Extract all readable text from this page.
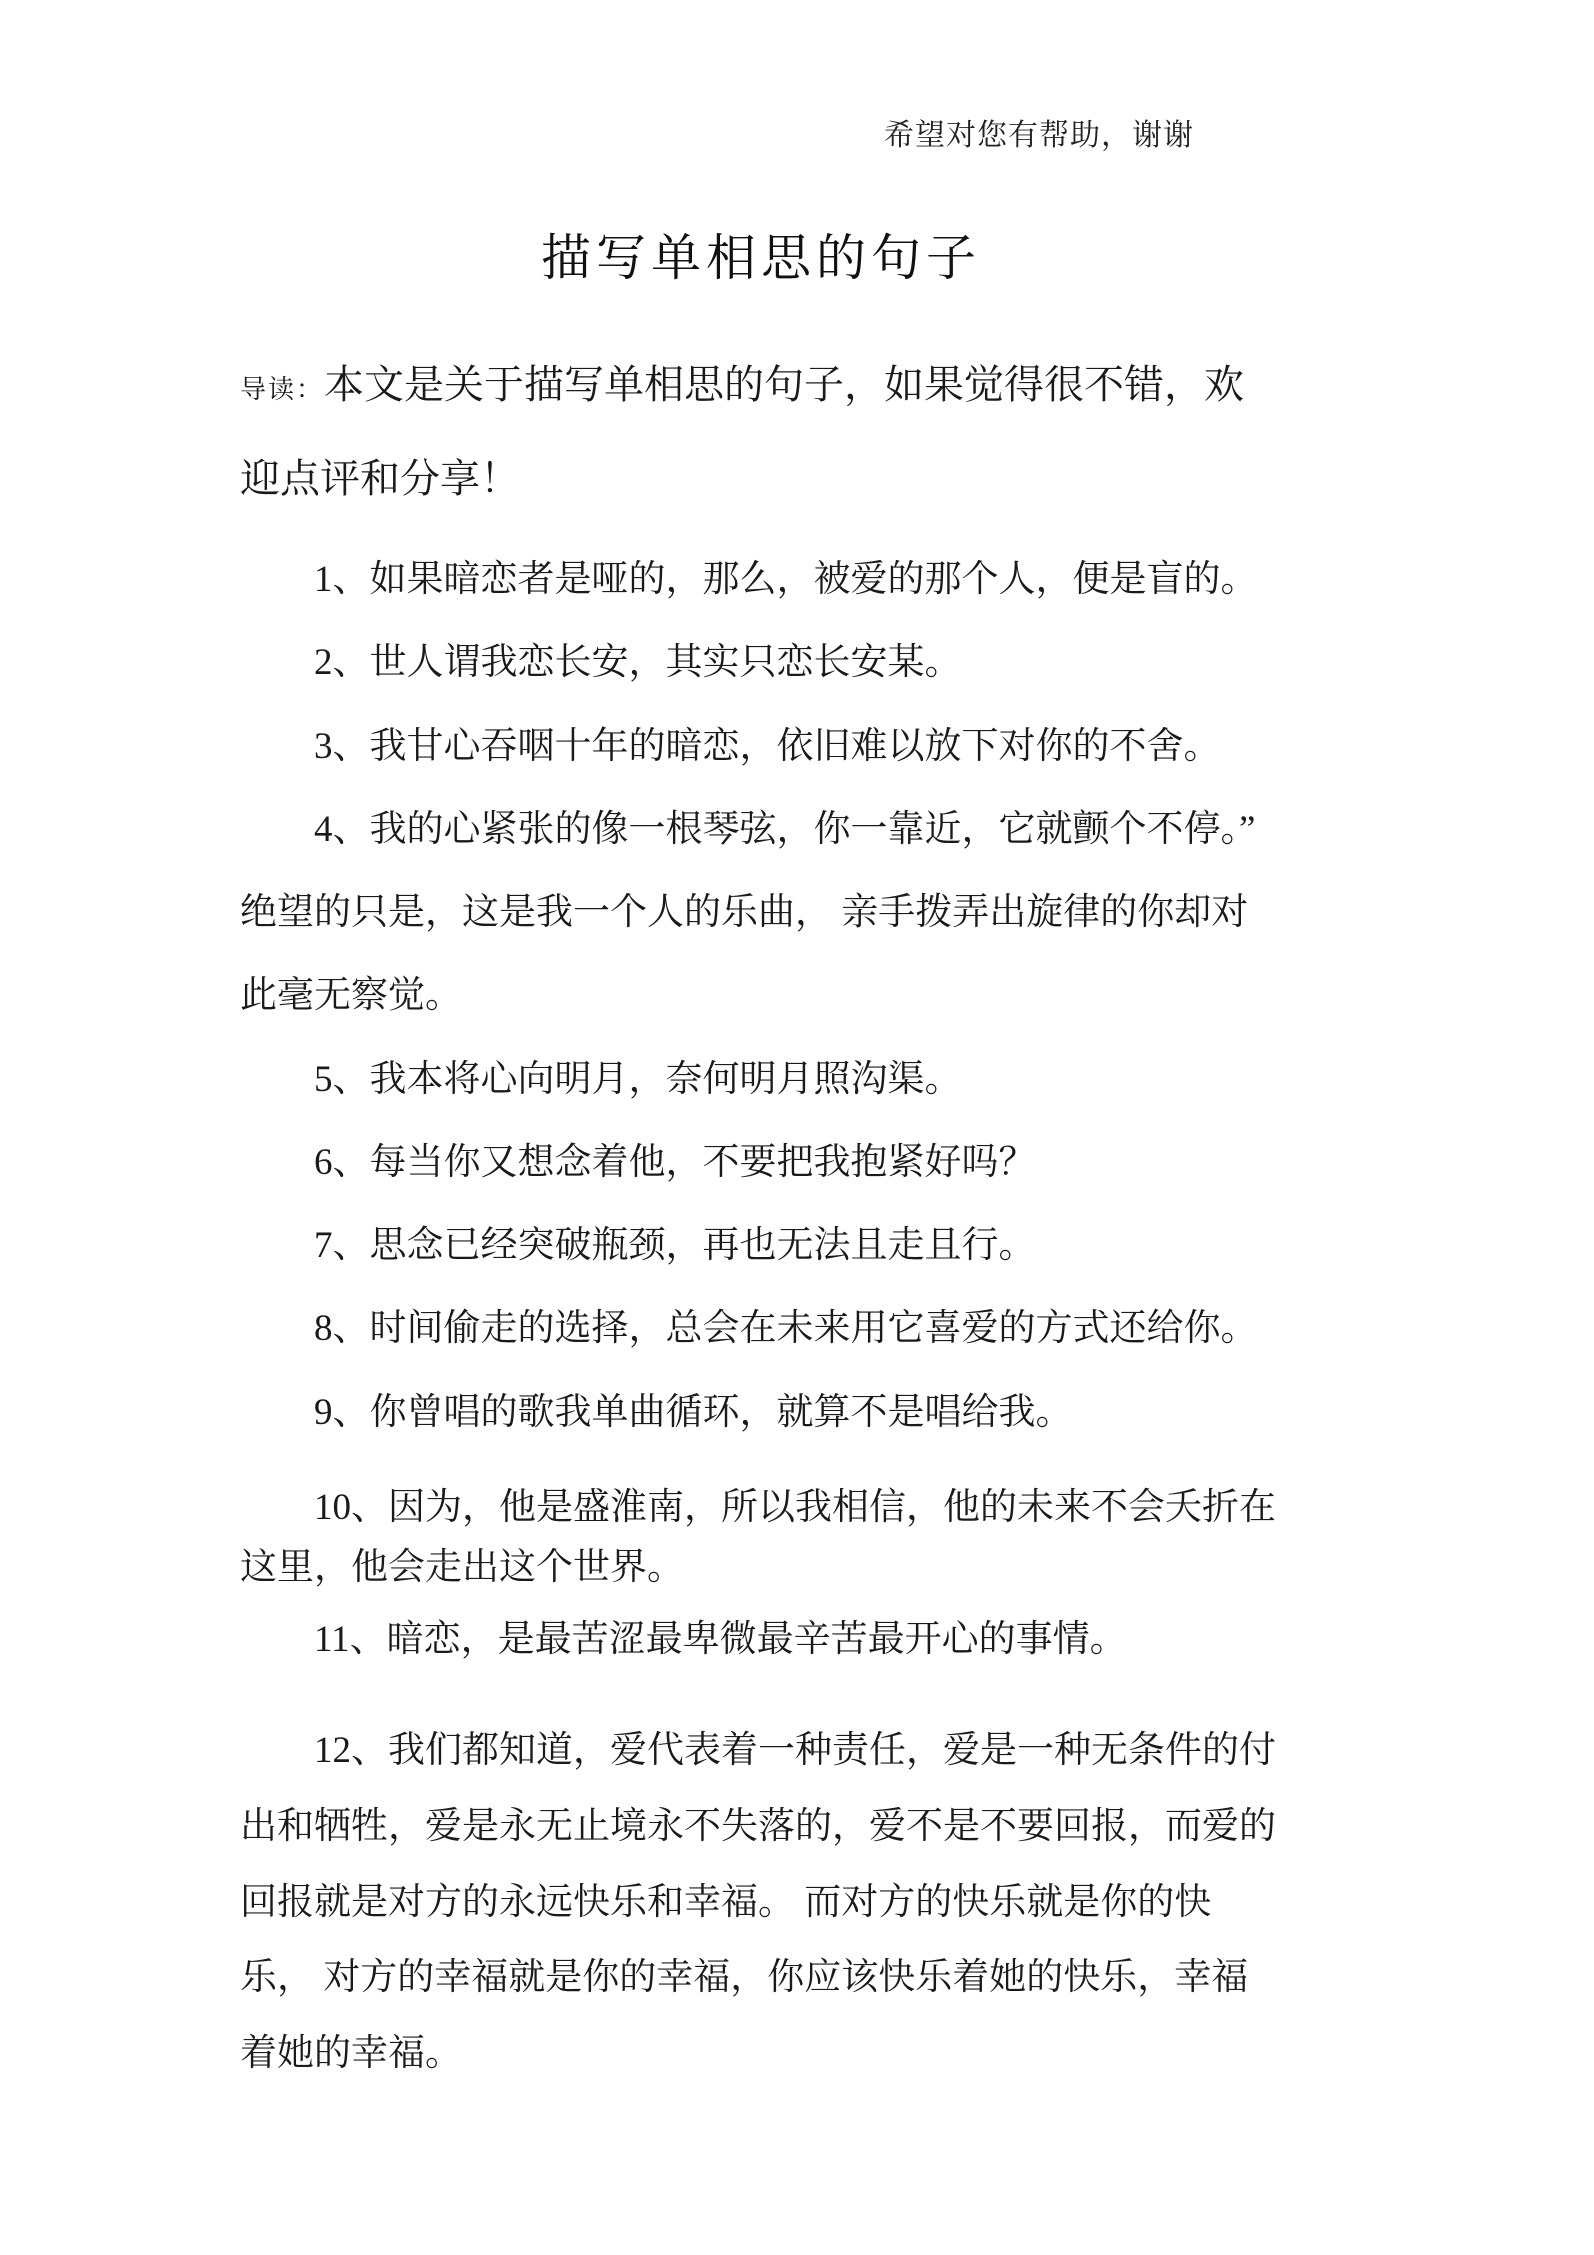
希望对您有帮助，谢谢
描写单相思的句子

导读：本文是关于描写单相思的句子，如果觉得很不错，欢迎点评和分享！

1、如果暗恋者是哑的，那么，被爱的那个人，便是盲的。

2、世人谓我恋长安，其实只恋长安某。

3、我甘心吞咽十年的暗恋，依旧难以放下对你的不舍。

4、我的心紧张的像一根琴弦，你一靠近，它就颤个不停。”绝望的只是，这是我一个人的乐曲， 亲手拨弄出旋律的你却对此毫无察觉。

5、我本将心向明月，奈何明月照沟渠。

6、每当你又想念着他，不要把我抱紧好吗？

7、思念已经突破瓶颈，再也无法且走且行。

8、时间偷走的选择，总会在未来用它喜爱的方式还给你。

9、你曾唱的歌我单曲循环，就算不是唱给我。

10、因为，他是盛淮南，所以我相信，他的未来不会夭折在这里，他会走出这个世界。

11、暗恋，是最苦涩最卑微最辛苦最开心的事情。

12、我们都知道，爱代表着一种责任，爱是一种无条件的付出和牺牲，爱是永无止境永不失落的，爱不是不要回报，而爱的回报就是对方的永远快乐和幸福。 而对方的快乐就是你的快乐， 对方的幸福就是你的幸福，你应该快乐着她的快乐，幸福着她的幸福。
